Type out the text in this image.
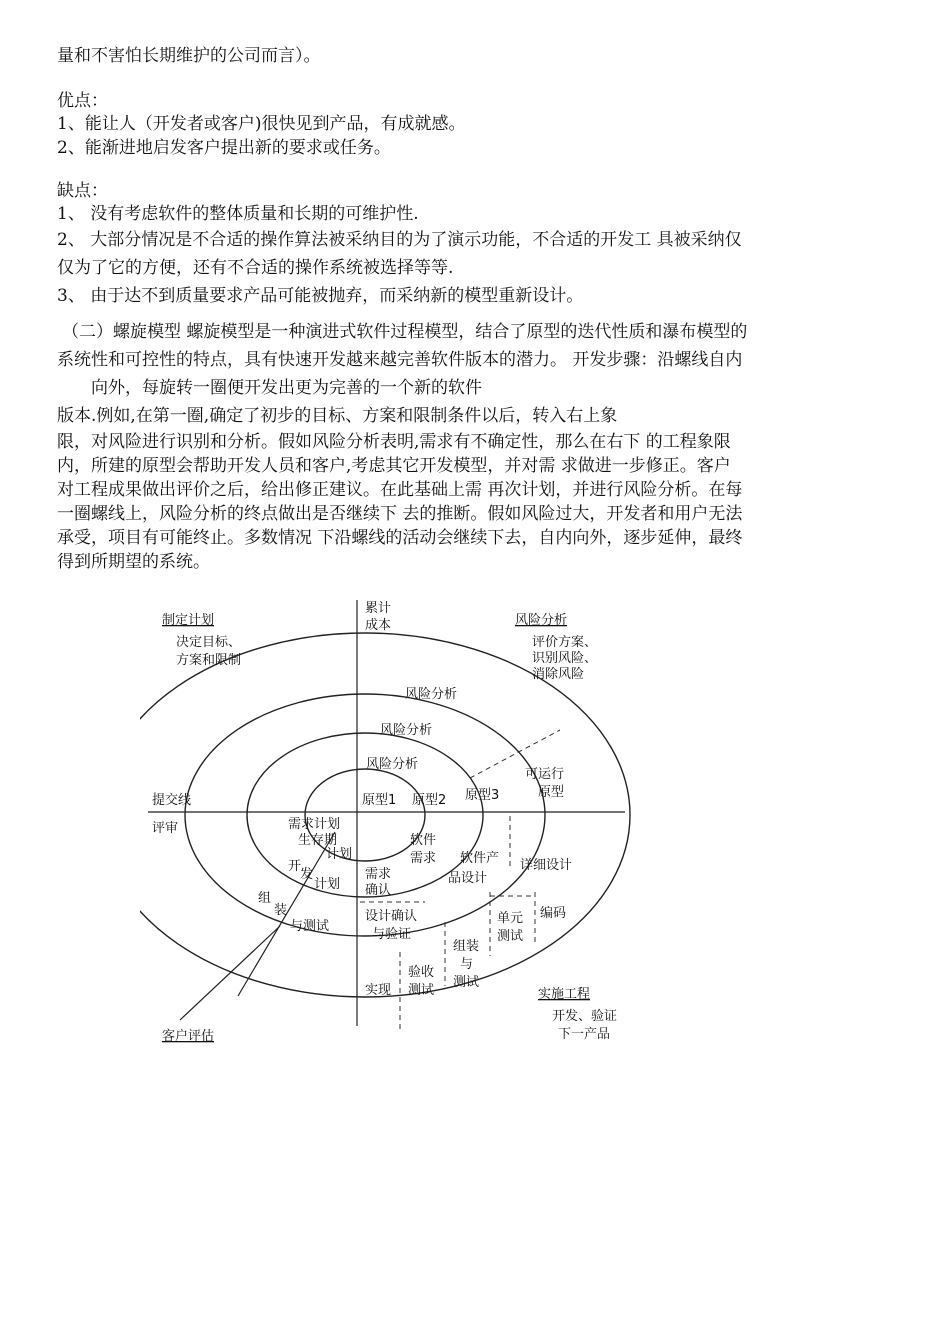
量和不害怕长期维护的公司而言）。
优点：
1、能让人（开发者或客户)很快见到产品，有成就感。
2、能渐进地启发客户提出新的要求或任务。
缺点：
1、 没有考虑软件的整体质量和长期的可维护性.
2、 大部分情况是不合适的操作算法被采纳目的为了演示功能，不合适的开发工 具被采纳仅
仅为了它的方便，还有不合适的操作系统被选择等等.
3、 由于达不到质量要求产品可能被抛弃，而采纳新的模型重新设计。
（二）螺旋模型 螺旋模型是一种演进式软件过程模型，结合了原型的迭代性质和瀑布模型的
系统性和可控性的特点，具有快速开发越来越完善软件版本的潜力。 开发步骤：沿螺线自内
向外，每旋转一圈便开发出更为完善的一个新的软件
版本.例如,在第一圈,确定了初步的目标、方案和限制条件以后，转入右上象
限，对风险进行识别和分析。假如风险分析表明,需求有不确定性，那么在右下 的工程象限
内，所建的原型会帮助开发人员和客户,考虑其它开发模型，并对需 求做进一步修正。客户
对工程成果做出评价之后，给出修正建议。在此基础上需 再次计划，并进行风险分析。在每
一圈螺线上，风险分析的终点做出是否继续下 去的推断。假如风险过大，开发者和用户无法
承受，项目有可能终止。多数情况 下沿螺线的活动会继续下去，自内向外，逐步延伸，最终
得到所期望的系统。
累计
成本
制定计划
决定目标、
方案和限制
风险分析
评价方案、
识别风险、
消除风险
提交线
评审
风险分析
风险分析
风险分析
原型1 原型2 原型3
可运行
原型
需求计划
生存期
计划
开
发
计划
组
装
与测试
软件
需求
需求
确认
软件产
品设计
设计确认
与验证
详细设计
编码
单元
测试
组装
与
测试
验收
测试
实现	实施工程
开发、验证
下一产品
客户评估
